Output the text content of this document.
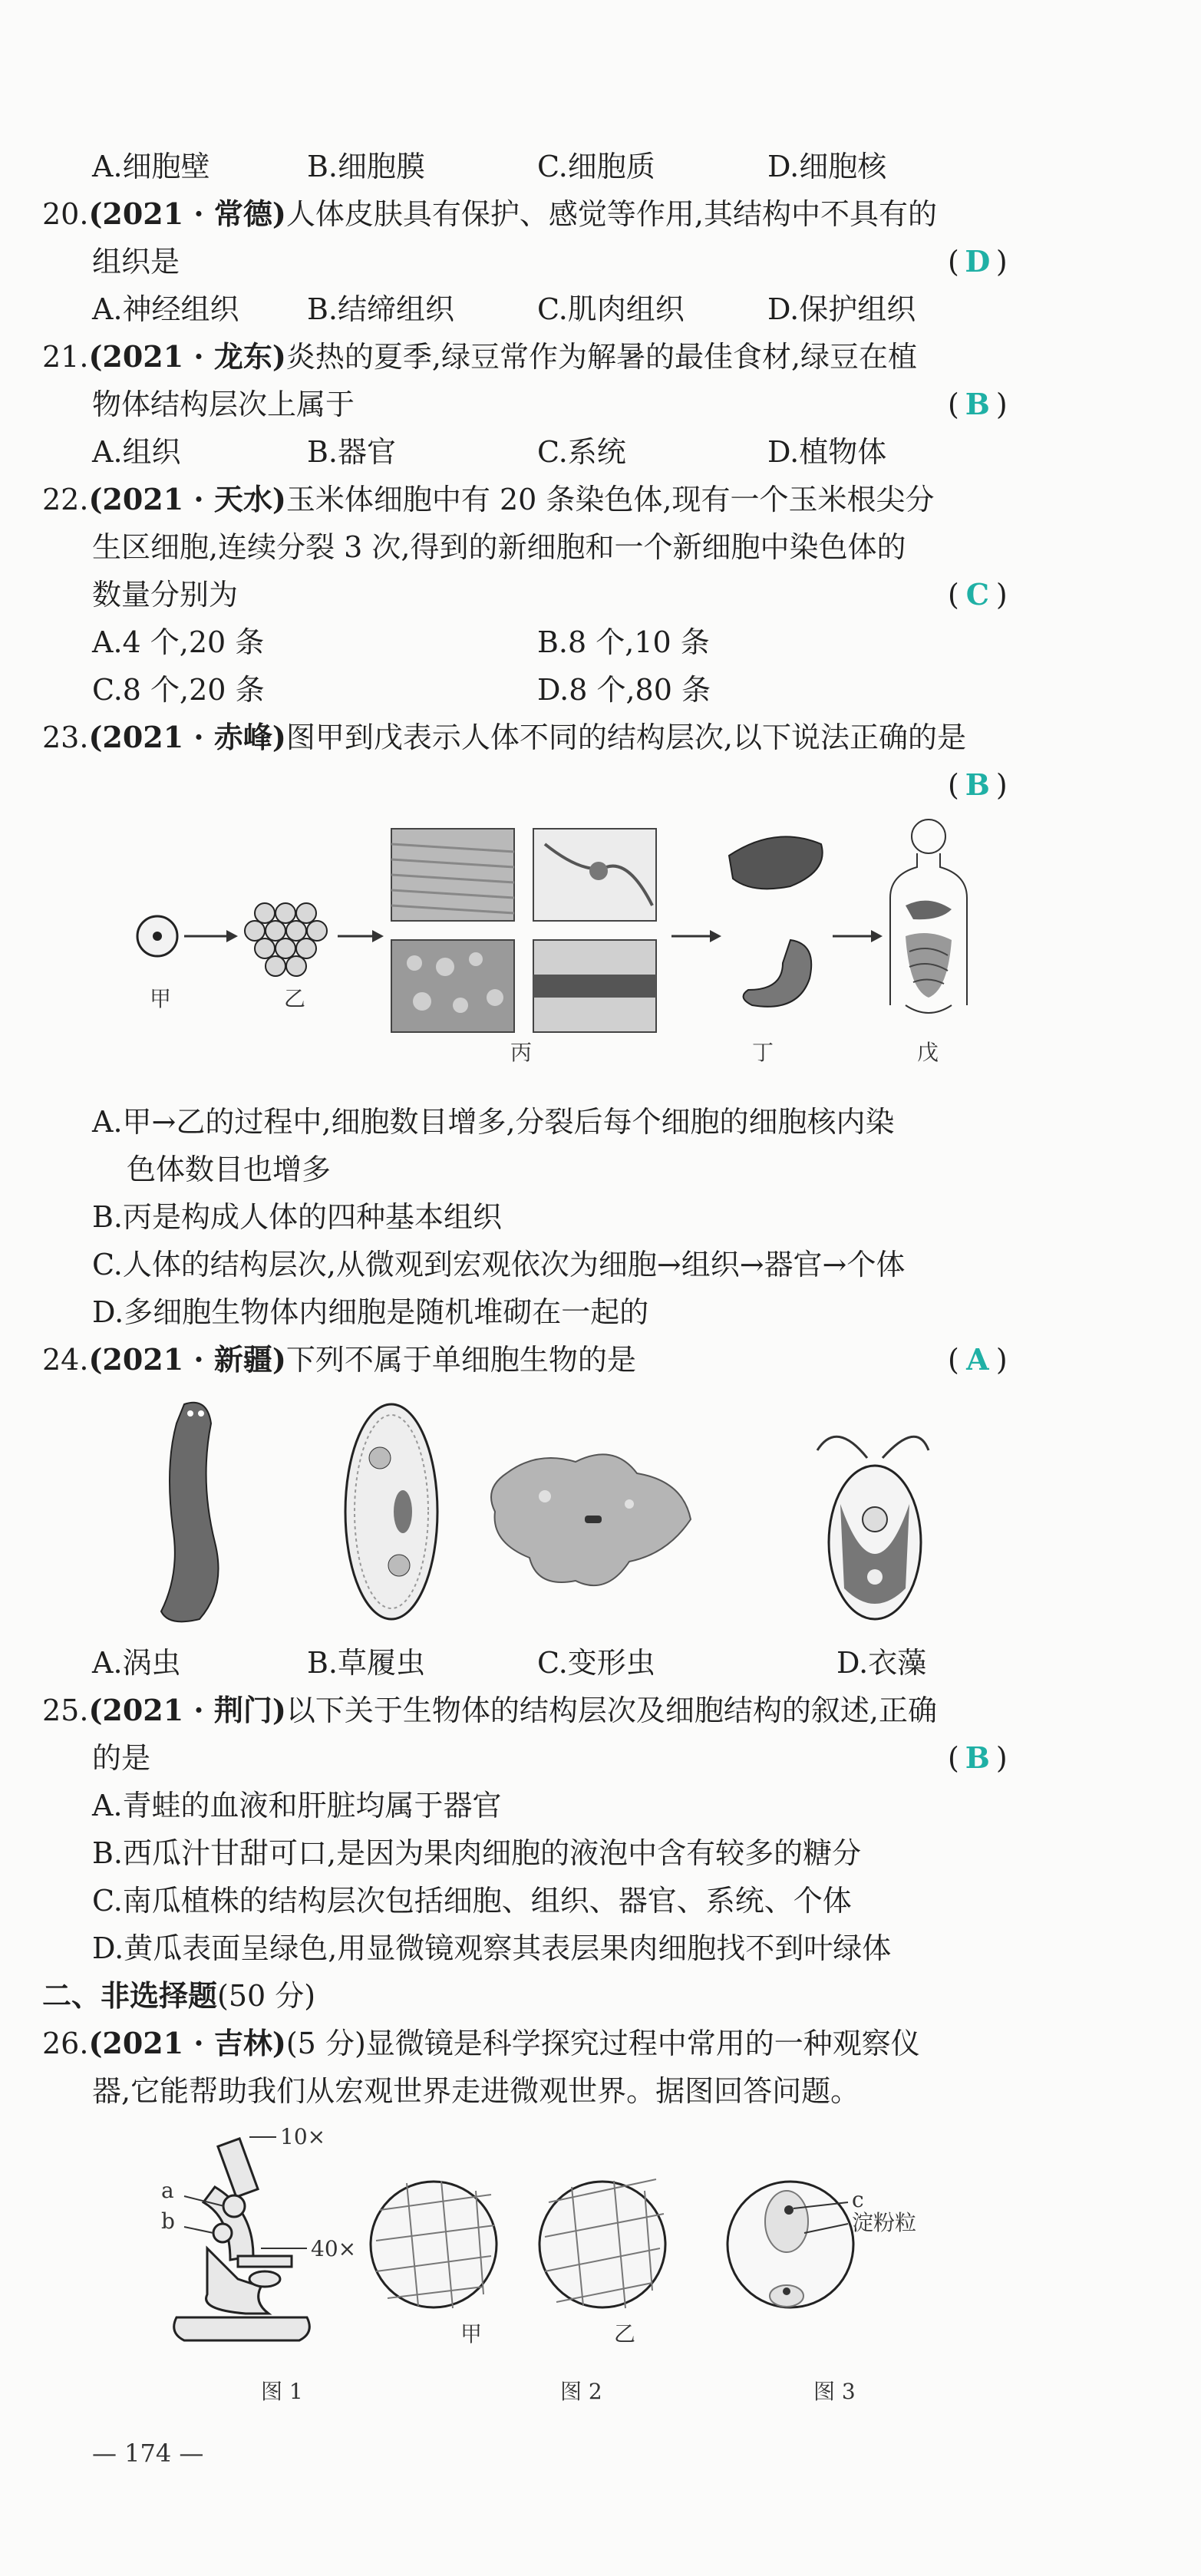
A.细胞壁	B.细胞膜	C.细胞质	D.细胞核
20.(2021 · 常德)人体皮肤具有保护、感觉等作用,其结构中不具有的
组织是	( D )
A.神经组织 B.结缔组织	C.肌肉组织	D.保护组织
21.(2021 · 龙东)炎热的夏季,绿豆常作为解暑的最佳食材,绿豆在植
物体结构层次上属于	( B )
A.组织	B.器官	C.系统	D.植物体
22.(2021 · 天水)玉米体细胞中有 20 条染色体,现有一个玉米根尖分
生区细胞,连续分裂 3 次,得到的新细胞和一个新细胞中染色体的
数量分别为	( C )
A.4 个,20 条	B.8 个,10 条
C.8 个,20 条	D.8 个,80 条
23.(2021 · 赤峰)图甲到戊表示人体不同的结构层次,以下说法正确的是
( B )
甲	乙
丙	丁	戊
A.甲→乙的过程中,细胞数目增多,分裂后每个细胞的细胞核内染
色体数目也增多
B.丙是构成人体的四种基本组织
C.人体的结构层次,从微观到宏观依次为细胞→组织→器官→个体
D.多细胞生物体内细胞是随机堆砌在一起的
24.(2021 · 新疆)下列不属于单细胞生物的是	( A )
A.涡虫	B.草履虫	C.变形虫	D.衣藻
25.(2021 · 荆门)以下关于生物体的结构层次及细胞结构的叙述,正确
的是	( B )
A.青蛙的血液和肝脏均属于器官
B.西瓜汁甘甜可口,是因为果肉细胞的液泡中含有较多的糖分
C.南瓜植株的结构层次包括细胞、组织、器官、系统、个体
D.黄瓜表面呈绿色,用显微镜观察其表层果肉细胞找不到叶绿体
二、非选择题(50 分)
26.(2021 · 吉林)(5 分)显微镜是科学探究过程中常用的一种观察仪
器,它能帮助我们从宏观世界走进微观世界。据图回答问题。
a
b
10×
40×
甲	乙
c
淀粉粒
图 1	图 2	图 3
— 174 —
